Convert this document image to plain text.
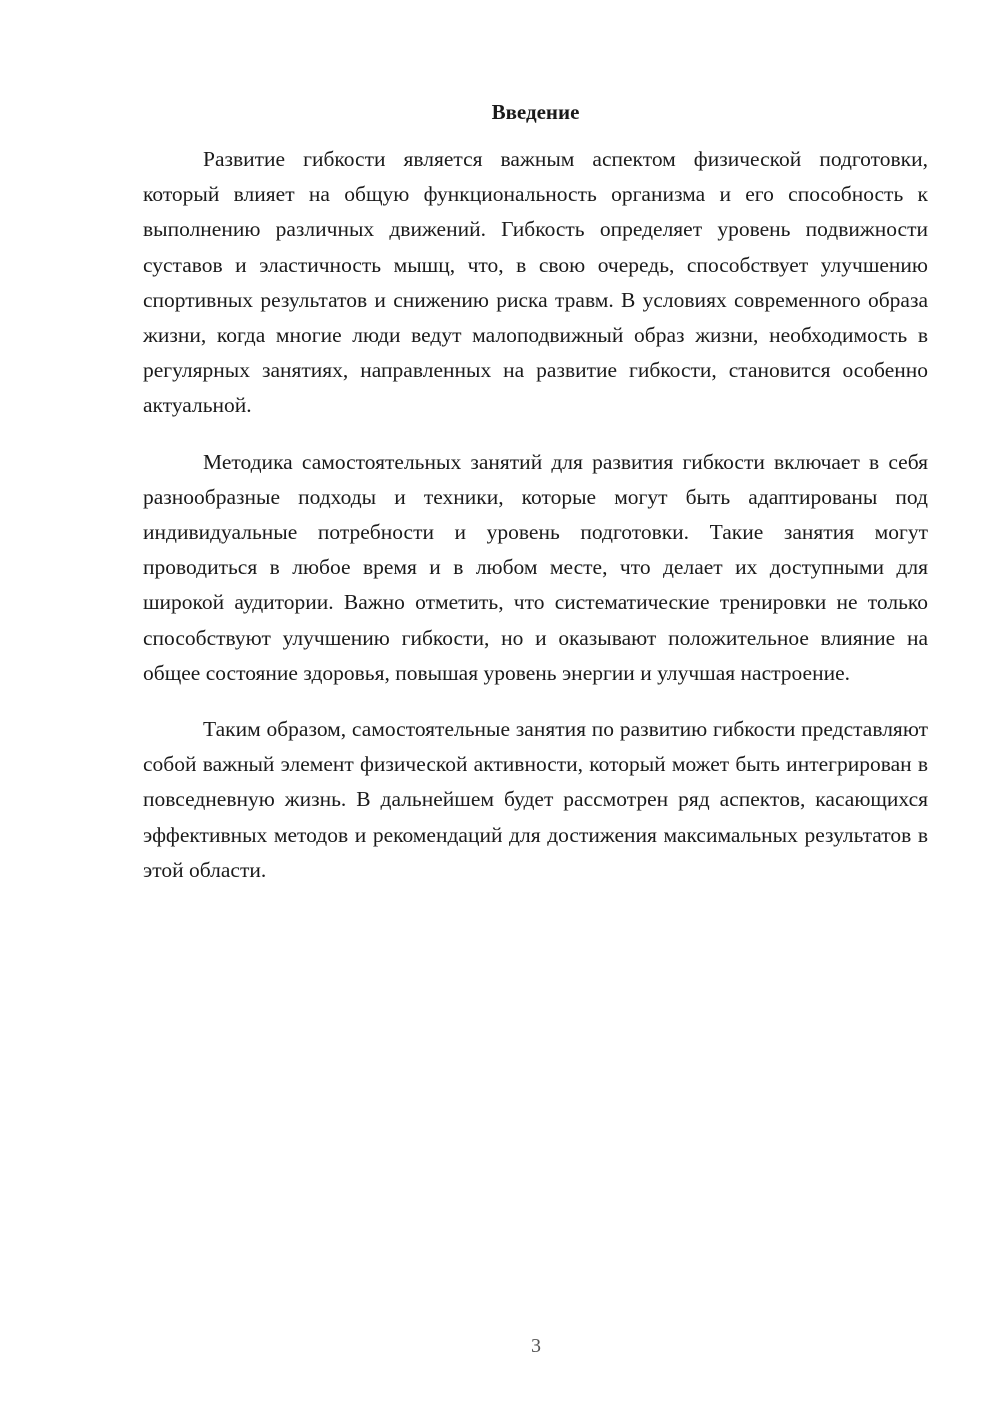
Введение

Развитие гибкости является важным аспектом физической подготовки, который влияет на общую функциональность организма и его способность к выполнению различных движений. Гибкость определяет уровень подвижности суставов и эластичность мышц, что, в свою очередь, способствует улучшению спортивных результатов и снижению риска травм. В условиях современного образа жизни, когда многие люди ведут малоподвижный образ жизни, необходимость в регулярных занятиях, направленных на развитие гибкости, становится особенно актуальной.

Методика самостоятельных занятий для развития гибкости включает в себя разнообразные подходы и техники, которые могут быть адаптированы под индивидуальные потребности и уровень подготовки. Такие занятия могут проводиться в любое время и в любом месте, что делает их доступными для широкой аудитории. Важно отметить, что систематические тренировки не только способствуют улучшению гибкости, но и оказывают положительное влияние на общее состояние здоровья, повышая уровень энергии и улучшая настроение.

Таким образом, самостоятельные занятия по развитию гибкости представляют собой важный элемент физической активности, который может быть интегрирован в повседневную жизнь. В дальнейшем будет рассмотрен ряд аспектов, касающихся эффективных методов и рекомендаций для достижения максимальных результатов в этой области.

3
